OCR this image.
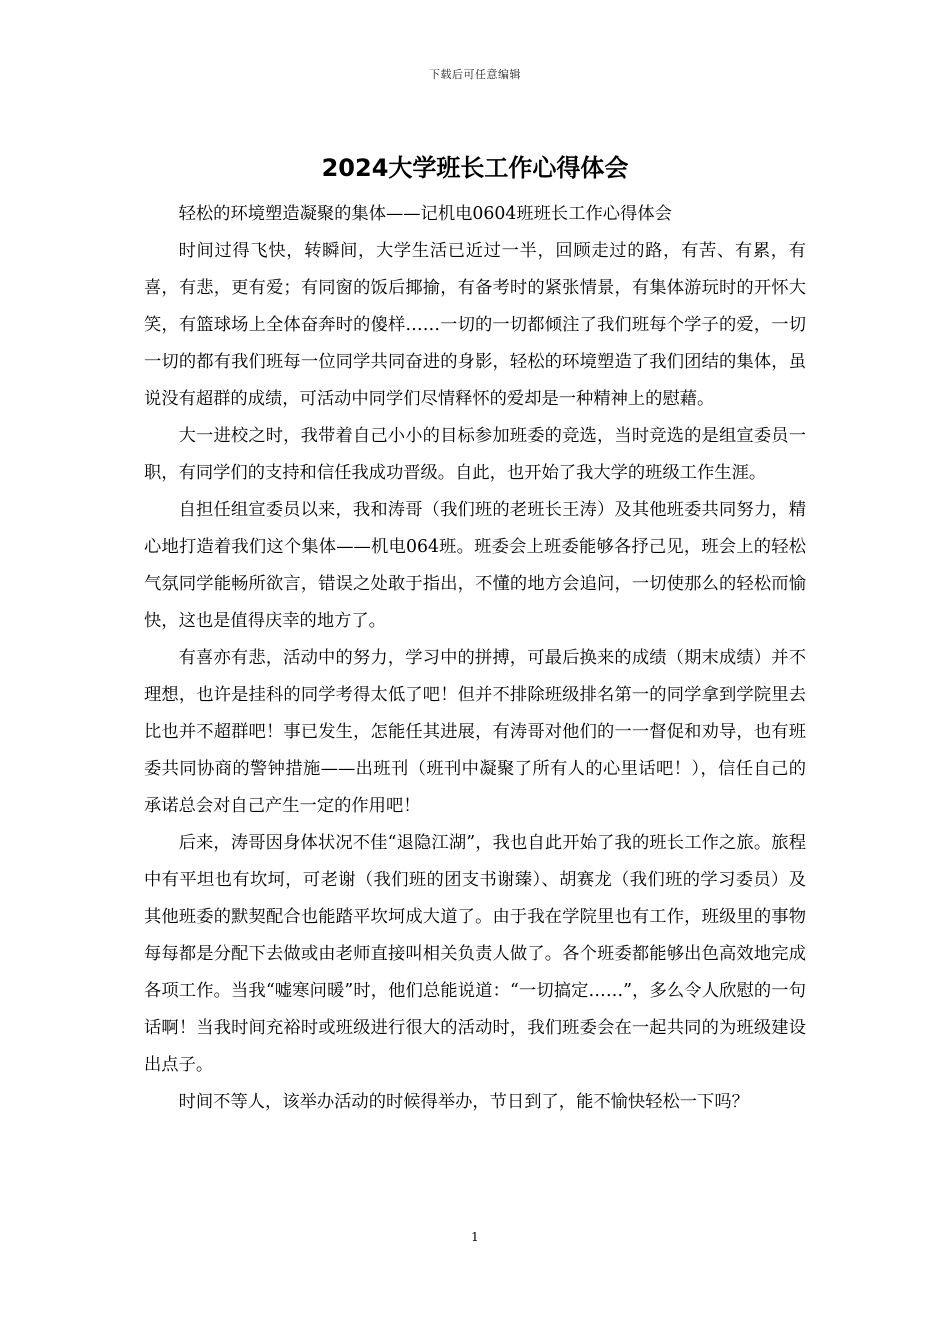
下载后可任意编辑
2024大学班长工作心得体会

轻松的环境塑造凝聚的集体——记机电0604班班长工作心得体会

时间过得飞快，转瞬间，大学生活已近过一半，回顾走过的路，有苦、有累，有喜，有悲，更有爱；有同窗的饭后揶揄，有备考时的紧张情景，有集体游玩时的开怀大笑，有篮球场上全体奋奔时的傻样……一切的一切都倾注了我们班每个学子的爱，一切一切的都有我们班每一位同学共同奋进的身影，轻松的环境塑造了我们团结的集体，虽说没有超群的成绩，可活动中同学们尽情释怀的爱却是一种精神上的慰藉。

大一进校之时，我带着自己小小的目标参加班委的竞选，当时竞选的是组宣委员一职，有同学们的支持和信任我成功晋级。自此，也开始了我大学的班级工作生涯。

自担任组宣委员以来，我和涛哥（我们班的老班长王涛）及其他班委共同努力，精心地打造着我们这个集体——机电064班。班委会上班委能够各抒己见，班会上的轻松气氛同学能畅所欲言，错误之处敢于指出，不懂的地方会追问，一切使那么的轻松而愉快，这也是值得庆幸的地方了。

有喜亦有悲，活动中的努力，学习中的拼搏，可最后换来的成绩（期末成绩）并不理想，也许是挂科的同学考得太低了吧！但并不排除班级排名第一的同学拿到学院里去比也并不超群吧！事已发生，怎能任其进展，有涛哥对他们的一一督促和劝导，也有班委共同协商的警钟措施——出班刊（班刊中凝聚了所有人的心里话吧！），信任自己的承诺总会对自己产生一定的作用吧！

后来，涛哥因身体状况不佳“退隐江湖”，我也自此开始了我的班长工作之旅。旅程中有平坦也有坎坷，可老谢（我们班的团支书谢臻）、胡赛龙（我们班的学习委员）及其他班委的默契配合也能踏平坎坷成大道了。由于我在学院里也有工作，班级里的事物每每都是分配下去做或由老师直接叫相关负责人做了。各个班委都能够出色高效地完成各项工作。当我“嘘寒问暖”时，他们总能说道：“一切搞定……”，多么令人欣慰的一句话啊！当我时间充裕时或班级进行很大的活动时，我们班委会在一起共同的为班级建设出点子。

时间不等人，该举办活动的时候得举办，节日到了，能不愉快轻松一下吗？

1
